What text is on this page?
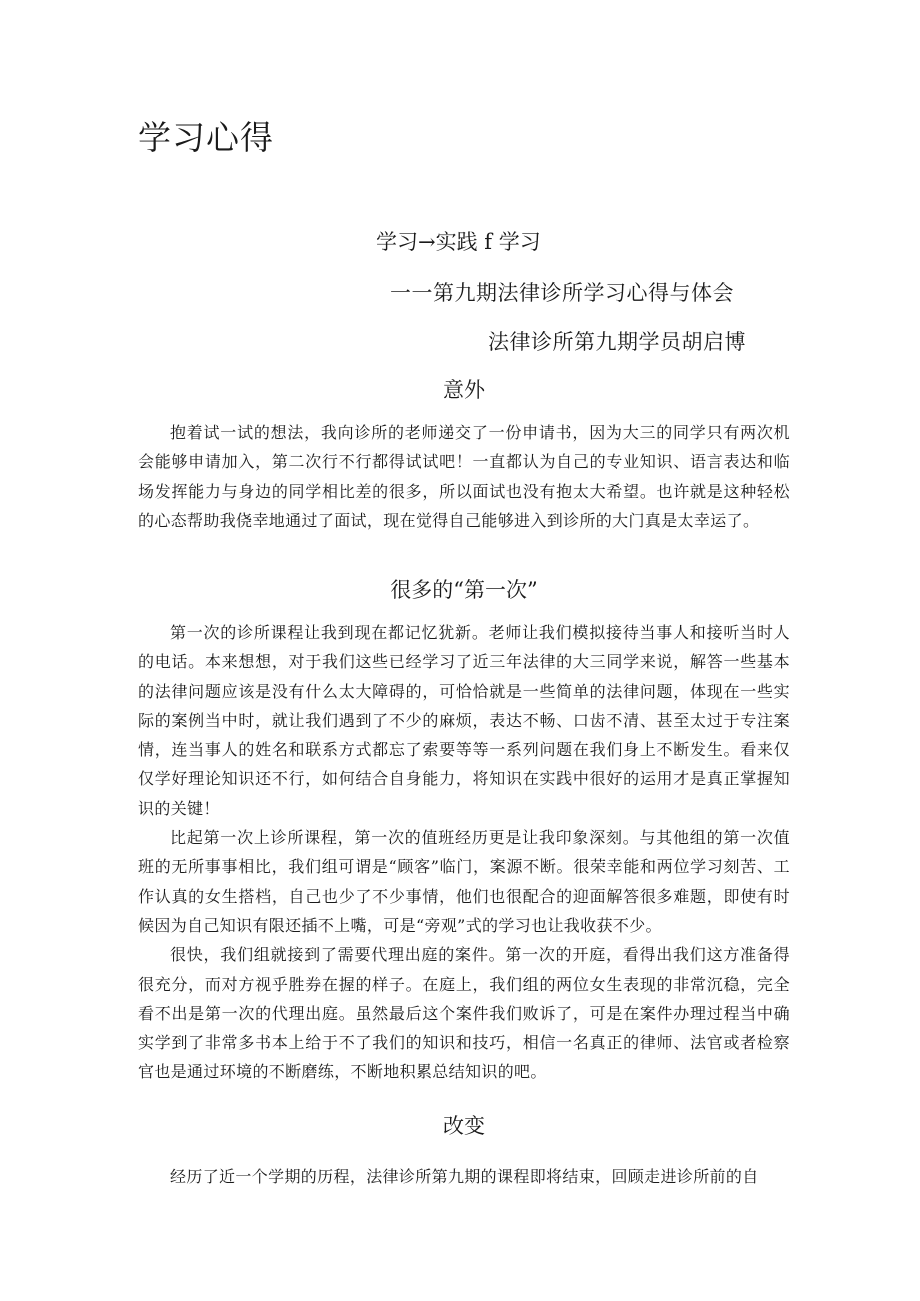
学习心得

学习→实践 f 学习

一一第九期法律诊所学习心得与体会

法律诊所第九期学员胡启博

意外

抱着试一试的想法，我向诊所的老师递交了一份申请书，因为大三的同学只有两次机会能够申请加入，第二次行不行都得试试吧！一直都认为自己的专业知识、语言表达和临场发挥能力与身边的同学相比差的很多，所以面试也没有抱太大希望。也许就是这种轻松的心态帮助我侥幸地通过了面试，现在觉得自己能够进入到诊所的大门真是太幸运了。

很多的“第一次”

第一次的诊所课程让我到现在都记忆犹新。老师让我们模拟接待当事人和接听当时人的电话。本来想想，对于我们这些已经学习了近三年法律的大三同学来说，解答一些基本的法律问题应该是没有什么太大障碍的，可恰恰就是一些简单的法律问题，体现在一些实际的案例当中时，就让我们遇到了不少的麻烦，表达不畅、口齿不清、甚至太过于专注案情，连当事人的姓名和联系方式都忘了索要等等一系列问题在我们身上不断发生。看来仅仅学好理论知识还不行，如何结合自身能力，将知识在实践中很好的运用才是真正掌握知识的关键！

比起第一次上诊所课程，第一次的值班经历更是让我印象深刻。与其他组的第一次值班的无所事事相比，我们组可谓是“顾客”临门，案源不断。很荣幸能和两位学习刻苦、工作认真的女生搭档，自己也少了不少事情，他们也很配合的迎面解答很多难题，即使有时候因为自己知识有限还插不上嘴，可是“旁观”式的学习也让我收获不少。

很快，我们组就接到了需要代理出庭的案件。第一次的开庭，看得出我们这方准备得很充分，而对方视乎胜券在握的样子。在庭上，我们组的两位女生表现的非常沉稳，完全看不出是第一次的代理出庭。虽然最后这个案件我们败诉了，可是在案件办理过程当中确实学到了非常多书本上给于不了我们的知识和技巧，相信一名真正的律师、法官或者检察官也是通过环境的不断磨练，不断地积累总结知识的吧。

改变

经历了近一个学期的历程，法律诊所第九期的课程即将结束，回顾走进诊所前的自
